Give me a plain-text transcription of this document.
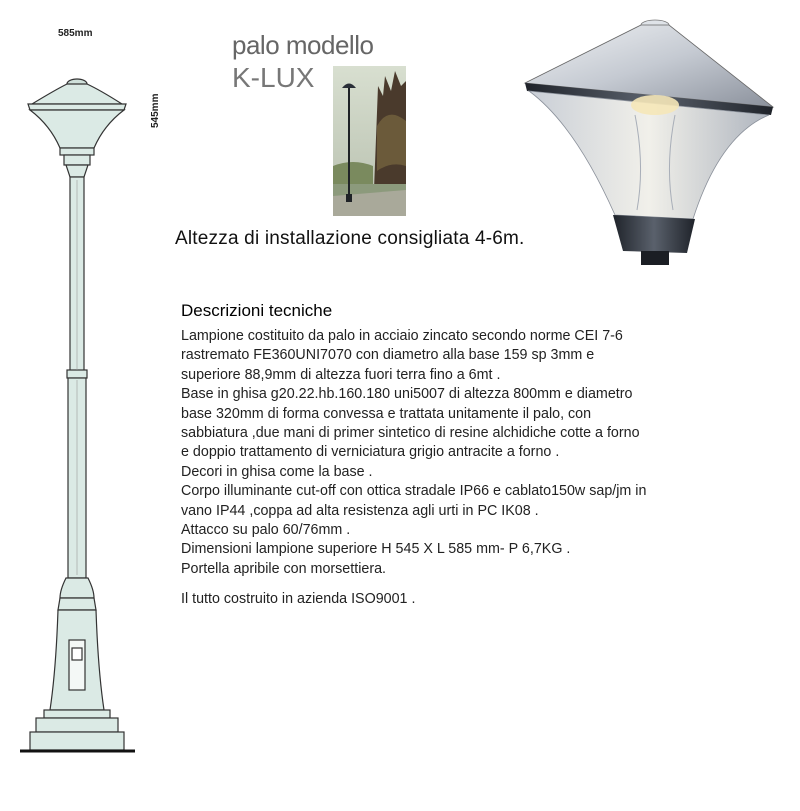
585mm
545mm
palo modello
K-LUX
Altezza di installazione consigliata 4-6m.
Descrizioni tecniche

Lampione costituito da palo in acciaio zincato secondo norme CEI 7-6

rastremato FE360UNI7070 con diametro alla base 159 sp 3mm e

superiore 88,9mm di altezza fuori terra fino a 6mt .

Base in ghisa g20.22.hb.160.180 uni5007 di altezza 800mm e diametro

base 320mm di forma convessa e trattata unitamente il palo, con

sabbiatura ,due mani di primer sintetico di resine alchidiche cotte a forno

e doppio trattamento di verniciatura grigio antracite a forno .

Decori in ghisa come la base .

Corpo illuminante cut-off con ottica stradale IP66 e cablato150w sap/jm in

vano IP44 ,coppa ad alta resistenza agli urti in PC IK08 .

Attacco su palo 60/76mm .

Dimensioni lampione superiore H 545 X L 585 mm- P 6,7KG .

Portella apribile con morsettiera.

Il tutto costruito in azienda ISO9001 .
